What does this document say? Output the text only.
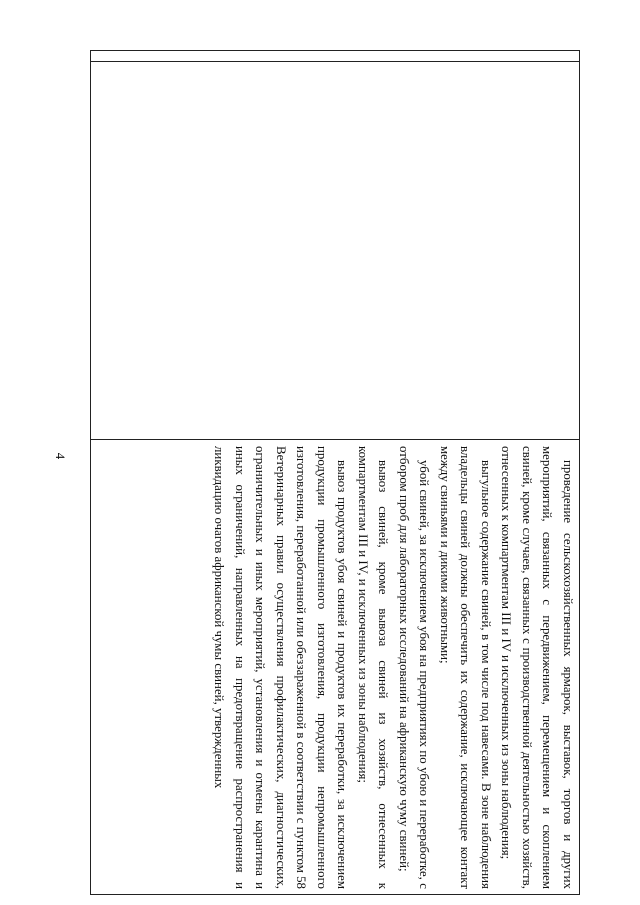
4

проведение сельскохозяйственных ярмарок, выставок, торгов и других мероприятий, связанных с передвижением, перемещением и скоплением свиней, кроме случаев, связанных с производственной деятельностью хозяйств, отнесенных к компартментам III и IV и исключенных из зоны наблюдения;

выгульное содержание свиней, в том числе под навесами. В зоне наблюдения владельцы свиней должны обеспечить их содержание, исключающее контакт между свиньями и дикими животными;

убой свиней, за исключением убоя на предприятиях по убою и переработке, с отбором проб для лабораторных исследований на африканскую чуму свиней;

вывоз свиней, кроме вывоза свиней из хозяйств, отнесенных к компартментам III и IV, и исключенных из зоны наблюдения;

вывоз продуктов убоя свиней и продуктов их переработки, за исключением продукции промышленного изготовления, продукции непромышленного изготовления, переработанной или обеззараженной в соответствии с пунктом 58 Ветеринарных правил осуществления профилактических, диагностических, ограничительных и иных мероприятий, установления и отмены карантина и иных ограничений, направленных на предотвращение распространения и ликвидацию очагов африканской чумы свиней, утвержденных
